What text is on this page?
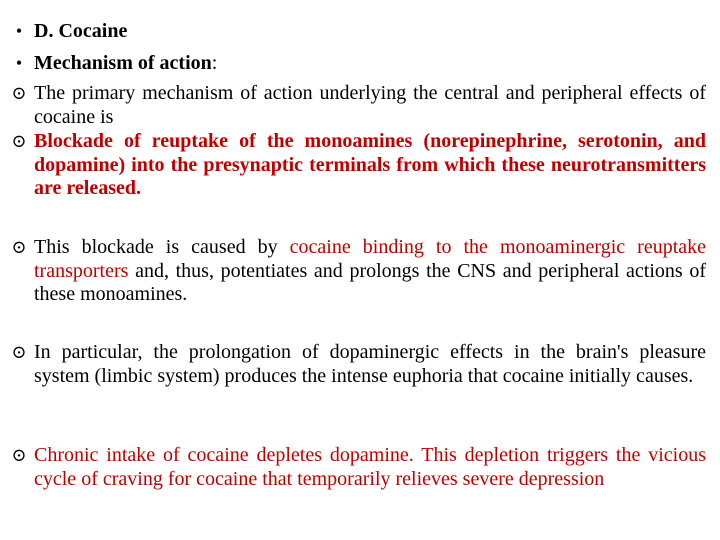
• D. Cocaine
• Mechanism of action:
⊙ The primary mechanism of action underlying the central and peripheral effects of cocaine is
⊙ Blockade of reuptake of the monoamines (norepinephrine, serotonin, and dopamine) into the presynaptic terminals from which these neurotransmitters are released.
⊙ This blockade is caused by cocaine binding to the monoaminergic reuptake transporters and, thus, potentiates and prolongs the CNS and peripheral actions of these monoamines.
⊙ In particular, the prolongation of dopaminergic effects in the brain's pleasure system (limbic system) produces the intense euphoria that cocaine initially causes.
⊙ Chronic intake of cocaine depletes dopamine. This depletion triggers the vicious cycle of craving for cocaine that temporarily relieves severe depression
